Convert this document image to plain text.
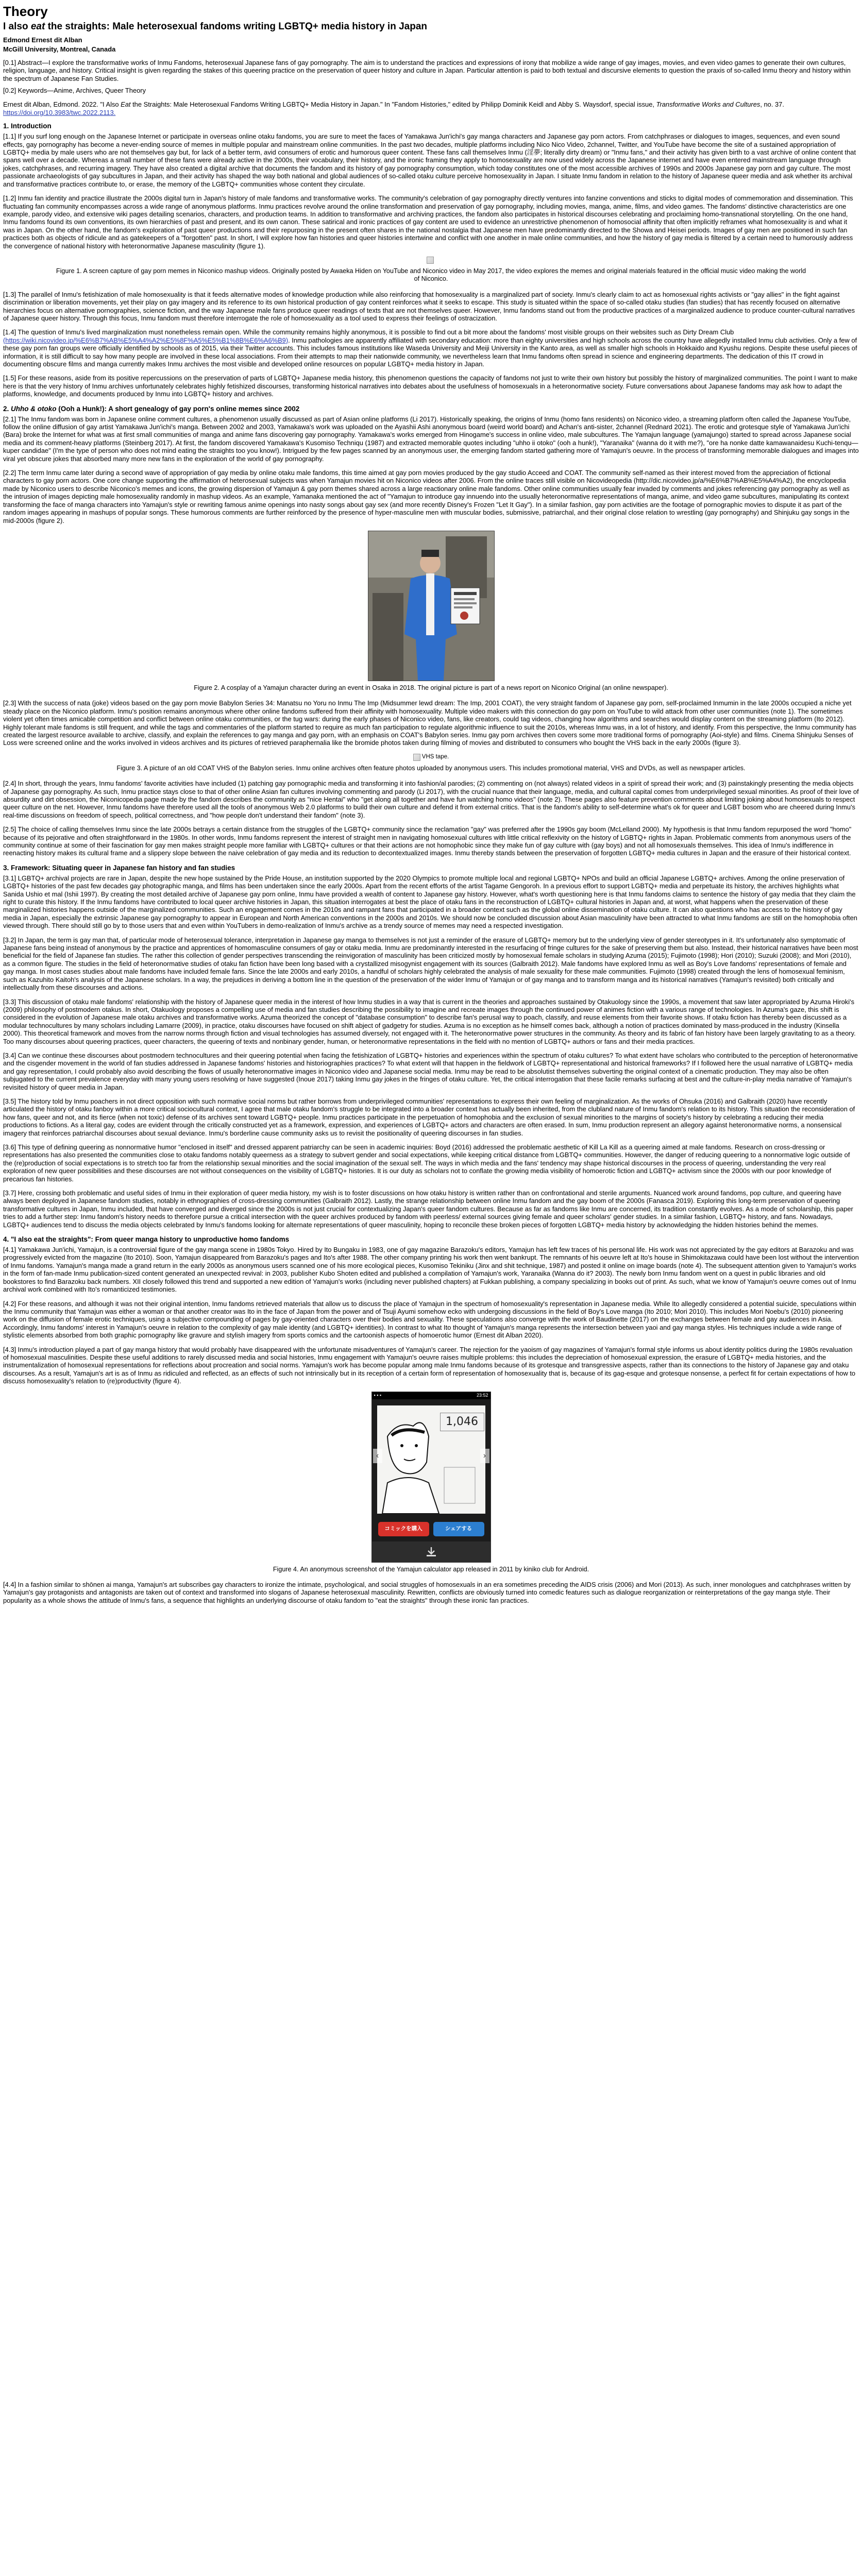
Theory
I also eat the straights: Male heterosexual fandoms writing LGBTQ+ media history in Japan
Edmond Ernest dit Alban
McGill University, Montreal, Canada
[0.1] Abstract—I explore the transformative works of Inmu Fandoms, heterosexual Japanese fans of gay pornography. The aim is to understand the practices and expressions of irony that mobilize a wide range of gay images, movies, and even video games to generate their own cultures, religion, language, and history. Critical insight is given regarding the stakes of this queering practice on the preservation of queer history and culture in Japan. Particular attention is paid to both textual and discursive elements to question the praxis of so-called Inmu theory and history within the spectrum of Japanese Fan Studies.
[0.2] Keywords—Anime, Archives, Queer Theory
Ernest dit Alban, Edmond. 2022. "I Also Eat the Straights: Male Heterosexual Fandoms Writing LGBTQ+ Media History in Japan." In "Fandom Histories," edited by Philipp Dominik Keidl and Abby S. Waysdorf, special issue, Transformative Works and Cultures, no. 37. https://doi.org/10.3983/twc.2022.2113.
1. Introduction
[1.1] If you surf long enough on the Japanese Internet or participate in overseas online otaku fandoms, you are sure to meet the faces of Yamakawa Jun'ichi's gay manga characters and Japanese gay porn actors. From catchphrases or dialogues to images, sequences, and even sound effects, gay pornography has become a never-ending source of memes in multiple popular and mainstream online communities. In the past two decades, multiple platforms including Nico Nico Video, 2channel, Twitter, and YouTube have become the site of a sustained appropriation of LGBTQ+ media by male users who are not themselves gay but, for lack of a better term, avid consumers of erotic and humorous queer content. These fans call themselves Inmu (淫夢; literally dirty dream) or "Inmu fans," and their activity has given birth to a vast archive of online content that spans well over a decade. Whereas a small number of these fans were already active in the 2000s, their vocabulary, their history, and the ironic framing they apply to homosexuality are now used widely across the Japanese internet and have even entered mainstream language through jokes, catchphrases, and recurring imagery. They have also created a digital archive that documents the fandom and its history of gay pornography consumption, which today constitutes one of the most accessible archives of 1990s and 2000s Japanese gay porn and gay culture. The most passionate archaeologists of gay subcultures in Japan, and their activity has shaped the way both national and global audiences of so-called otaku culture perceive homosexuality in Japan. I situate Inmu fandom in relation to the history of Japanese queer media and ask whether its archival and transformative practices contribute to, or erase, the memory of the LGBTQ+ communities whose content they circulate.
[1.2] Inmu fan identity and practice illustrate the 2000s digital turn in Japan's history of male fandoms and transformative works. The community's celebration of gay pornography directly ventures into fanzine conventions and sticks to digital modes of commemoration and dissemination. This fluctuating fan community encompasses across a wide range of anonymous platforms. Inmu practices revolve around the online transformation and preservation of gay pornography, including movies, manga, anime, films, and video games. The fandoms' distinctive characteristics are one example, parody video, and extensive wiki pages detailing scenarios, characters, and production teams. In addition to transformative and archiving practices, the fandom also participates in historical discourses celebrating and proclaiming homo-transnational storytelling. On the one hand, Inmu fandoms found its own conventions, its own hierarchies of past and present, and its own canon. These satirical and ironic practices of gay content are used to evidence an unrestrictive phenomenon of homosocial affinity that often implicitly reframes what homosexuality is and what it was in Japan. On the other hand, the fandom's exploration of past queer productions and their repurposing in the present often shares in the national nostalgia that Japanese men have predominantly directed to the Showa and Heisei periods. Images of gay men are positioned in such fan practices both as objects of ridicule and as gatekeepers of a "forgotten" past. In short, I will explore how fan histories and queer histories intertwine and conflict with one another in male online communities, and how the history of gay media is filtered by a certain need to humorously address the convergence of national history with heteronormative Japanese masculinity (figure 1).
Figure 1. A screen capture of gay porn memes in Niconico mashup videos. Originally posted by Awaeka Hiden on YouTube and Niconico video in May 2017, the video explores the memes and original materials featured in the official music video making the world of Niconico.
[1.3] The parallel of Inmu's fetishization of male homosexuality is that it feeds alternative modes of knowledge production while also reinforcing that homosexuality is a marginalized part of society. Inmu's clearly claim to act as homosexual rights activists or "gay allies" in the fight against discrimination or liberation movements, yet their play on gay imagery and its reference to its own historical production of gay content reinforces what it seeks to escape. This study is situated within the space of so-called otaku studies (fan studies) that has recently focused on alternative hierarchies focus on alternative pornographies, science fiction, and the way Japanese male fans produce queer readings of texts that are not themselves queer. However, Inmu fandoms stand out from the productive practices of a marginalized audience to produce counter-cultural narratives of Japanese queer history. Through this focus, Inmu fandom must therefore interrogate the role of homosexuality as a tool used to express their feelings of ostracization.
[1.4] The question of Inmu's lived marginalization must nonetheless remain open. While the community remains highly anonymous, it is possible to find out a bit more about the fandoms' most visible groups on their websites such as Dirty Dream Club (https://wiki.nicovideo.jp/%E6%B7%AB%E5%A4%A2%E5%8F%A5%E5%B1%8B%E6%A6%B9). Inmu pathologies are apparently affiliated with secondary education: more than eighty universities and high schools across the country have allegedly installed Inmu club activities. Only a few of these gay porn fan groups were officially identified by schools as of 2015, via their Twitter accounts. This includes famous institutions like Waseda University and Meiji University in the Kanto area, as well as smaller high schools in Hokkaido and Kyushu regions. Despite these useful pieces of information, it is still difficult to say how many people are involved in these local associations. From their attempts to map their nationwide community, we nevertheless learn that Inmu fandoms often spread in science and engineering departments. The dedication of this IT crowd in documenting obscure films and manga currently makes Inmu archives the most visible and developed online resources on popular LGBTQ+ media history in Japan.
[1.5] For these reasons, aside from its positive repercussions on the preservation of parts of LGBTQ+ Japanese media history, this phenomenon questions the capacity of fandoms not just to write their own history but possibly the history of marginalized communities. The point I want to make here is that the very history of Inmu archives unfortunately celebrates highly fetishized discourses, transforming historical narratives into debates about the usefulness of homosexuals in a heteronormative society. Future conversations about Japanese fandoms may ask how to adapt the platforms, knowledge, and documents produced by Inmu into LGBTQ+ history and archives.
2. Uhho & otoko (Ooh a Hunk!): A short genealogy of gay porn's online memes since 2002
[2.1] The Inmu fandom was born in Japanese online comment cultures, a phenomenon usually discussed as part of Asian online platforms (Li 2017). Historically speaking, the origins of Inmu (homo fans residents) on Niconico video, a streaming platform often called the Japanese YouTube, follow the online diffusion of gay artist Yamakawa Jun'ichi's manga. Between 2002 and 2003, Yamakawa's work was uploaded on the Ayashii Ashi anonymous board (weird world board) and Achan's anti-sister, 2channel (Rednard 2021). The erotic and grotesque style of Yamakawa Jun'ichi (Bara) broke the Internet for what was at first small communities of manga and anime fans discovering gay pornography. Yamakawa's works emerged from Hinogame's success in online video, male subcultures. The Yamajun language (yamajungo) started to spread across Japanese social media and its comment-heavy platforms (Steinberg 2017). At first, the fandom discovered Yamakawa's Kusomiso Techniqu (1987) and extracted memorable quotes including "uhho ii otoko" (ooh a hunk!), "Yaranaika" (wanna do it with me?), "ore ha nonke datte kamawanaidesu Kuchi-tenqu—kuper candidae" (I'm the type of person who does not mind eating the straights too you know!). Intrigued by the few pages scanned by an anonymous user, the emerging fandom started gathering more of Yamajun's oeuvre. In the process of transforming memorable dialogues and images into viral yet obscure jokes that absorbed many more new fans in the exploration of the world of gay pornography.
[2.2] The term Inmu came later during a second wave of appropriation of gay media by online otaku male fandoms, this time aimed at gay porn movies produced by the gay studio Acceed and COAT. The community self-named as their interest moved from the appreciation of fictional characters to gay porn actors. One core change supporting the affirmation of heterosexual subjects was when Yamajun movies hit on Niconico videos after 2006. From the online traces still visible on Nicovideopedia (http://dic.nicovideo.jp/a/%E6%B7%AB%E5%A4%A2), the encyclopedia made by Niconico users to describe Niconico's memes and icons, the growing dispersion of Yamajun & gay porn themes shared across a large reactionary online male fandoms. Other online communities usually fear invaded by comments and jokes referencing gay pornography as well as the intrusion of images depicting male homosexuality randomly in mashup videos. As an example, Yamanaka mentioned the act of "Yamajun to introduce gay innuendo into the usually heteronormative representations of manga, anime, and video game subcultures, manipulating its context transforming the face of manga characters into Yamajun's style or rewriting famous anime openings into nasty songs about gay sex (and more recently Disney's Frozen "Let It Gay"). In a similar fashion, gay porn activities are the footage of pornographic movies to dispute it as part of the random images appearing in mashups of popular songs. These humorous comments are further reinforced by the presence of hyper-masculine men with muscular bodies, submissive, patriarchal, and their original close relation to wrestling (gay pornography) and Shinjuku gay songs in the mid-2000s (figure 2).
Figure 2. A cosplay of a Yamajun character during an event in Osaka in 2018. The original picture is part of a news report on Niconico Original (an online newspaper).
[2.3] With the success of nata (joke) videos based on the gay porn movie Babylon Series 34: Manatsu no Yoru no Inmu The Imp (Midsummer lewd dream: The Imp, 2001 COAT), the very straight fandom of Japanese gay porn, self-proclaimed Inmumin in the late 2000s occupied a niche yet steady place on the Niconico platform. Inmu's position remains anonymous where other online fandoms suffered from their affinity with homosexuality. Multiple video makers with this connection do gay porn on YouTube to wild attack from other user communities (note 1). The sometimes violent yet often times amicable competition and conflict between online otaku communities, or the tug wars: during the early phases of Niconico video, fans, like creators, could tag videos, changing how algorithms and searches would display content on the streaming platform (Ito 2012). Highly tolerant male fandoms is still frequent, and while the tags and commentaries of the platform started to require as much fan participation to regulate algorithmic influence to suit the 2010s, whereas Inmu was, in a lot of history, and identify. From this perspective, the Inmu community has created the largest resource available to archive, classify, and explain the references to gay manga and gay porn, with an emphasis on COAT's Babylon series. Inmu gay porn archives then covers some more traditional forms of pornography (Aoi-style) and films. Cinema Shinjuku Senses of Loss were screened online and the works involved in videos archives and its pictures of retrieved paraphernalia like the bromide photos taken during filming of movies and distributed to consumers who bought the VHS back in the early 2000s (figure 3).
VHS tape.
Figure 3. A picture of an old COAT VHS of the Babylon series. Inmu online archives often feature photos uploaded by anonymous users. This includes promotional material, VHS and DVDs, as well as newspaper articles.
[2.4] In short, through the years, Inmu fandoms' favorite activities have included (1) patching gay pornographic media and transforming it into fashion/al parodies; (2) commenting on (not always) related videos in a spirit of spread their work; and (3) painstakingly presenting the media objects of Japanese gay pornography. As such, Inmu practice stays close to that of other online Asian fan cultures involving commenting and parody (Li 2017), with the crucial nuance that their language, media, and cultural capital comes from underprivileged sexual minorities. As proof of their love of absurdity and dirt obsession, the Niconicopedia page made by the fandom describes the community as "nice Hentai" who "get along all together and have fun watching homo videos" (note 2). These pages also feature prevention comments about limiting joking about homosexuals to respect queer culture on the net. However, Inmu fandoms have therefore used all the tools of anonymous Web 2.0 platforms to build their own culture and defend it from external critics. That is the fandom's ability to self-determine what's ok for queer and LGBT bosom who are cheered during Inmu's real-time discussions on freedom of speech, political correctness, and "how people don't understand their fandom" (note 3).
[2.5] The choice of calling themselves Inmu since the late 2000s betrays a certain distance from the struggles of the LGBTQ+ community since the reclamation "gay" was preferred after the 1990s gay boom (McLelland 2000). My hypothesis is that Inmu fandom repurposed the word "homo" because of its pejorative and often straightforward in the 1980s. In other words, Inmu fandoms represent the interest of straight men in navigating homosexual cultures with little critical reflexivity on the history of LGBTQ+ rights in Japan. Problematic comments from anonymous users of the community continue at some of their fascination for gay men makes straight people more familiar with LGBTQ+ cultures or that their actions are not homophobic since they make fun of gay culture with (gay boys) and not all homosexuals themselves. This idea of Inmu's indifference in reenacting history makes its cultural frame and a slippery slope between the naive celebration of gay media and its reduction to decontextualized images. Inmu thereby stands between the preservation of forgotten LGBTQ+ media cultures in Japan and the erasure of their historical context.
3. Framework: Situating queer in Japanese fan history and fan studies
[3.1] LGBTQ+ archival projects are rare in Japan, despite the new hope sustained by the Pride House, an institution supported by the 2020 Olympics to promote multiple local and regional LGBTQ+ NPOs and build an official Japanese LGBTQ+ archives. Among the online preservation of LGBTQ+ histories of the past few decades gay photographic manga, and films has been undertaken since the early 2000s. Apart from the recent efforts of the artist Tagame Gengoroh. In a previous effort to support LGBTQ+ media and perpetuate its history, the archives highlights what Sanida Ushio et mal (Ishii 1997). By creating the most detailed archive of Japanese gay porn online, Inmu have provided a wealth of content to Japanese gay history. However, what's worth questioning here is that Inmu fandoms claims to sentence the history of gay media that they claim the right to curate this history. If the Inmu fandoms have contributed to local queer archive histories in Japan, this situation interrogates at best the place of otaku fans in the reconstruction of LGBTQ+ cultural histories in Japan and, at worst, what happens when the preservation of these marginalized histories happens outside of the marginalized communities. Such an engagement comes in the 2010s and rampant fans that participated in a broader context such as the global online dissemination of otaku culture. It can also questions who has access to the history of gay media in Japan, especially the extrinsic Japanese gay pornography to appear in European and North American conventions in the 2000s and 2010s. We should now be concluded discussion about Asian masculinity have been attracted to what Inmu fandoms are still on the homophobia often viewed through. There should still go by to those users that and even within YouTubers in demo-realization of Inmu's archive as a trendy source of memes may need a respected investigation.
[3.2] In Japan, the term is gay man that, of particular mode of heterosexual tolerance, interpretation in Japanese gay manga to themselves is not just a reminder of the erasure of LGBTQ+ memory but to the underlying view of gender stereotypes in it. It's unfortunately also symptomatic of Japanese fans being instead of anonymous by the practice and apprentices of homomasculine consumers of gay or otaku media. Inmu are predominantly interested in the resurfacing of fringe cultures for the sake of preserving them but also. Instead, their historical narratives have been most beneficial for the field of Japanese fan studies. The rather this collection of gender perspectives transcending the reinvigoration of masculinity has been criticized mostly by homosexual female scholars in studying Azuma (2015); Fujimoto (1998); Hori (2010); Suzuki (2008); and Mori (2010), as a common figure. The studies in the field of heteronormative studies of otaku fan fiction have been long based with a crystallized misogynist engagement with its sources (Galbraith 2012). Male fandoms have explored Inmu as well as Boy's Love fandoms' representations of female and gay manga. In most cases studies about male fandoms have included female fans. Since the late 2000s and early 2010s, a handful of scholars highly celebrated the analysis of male sexuality for these male communities. Fujimoto (1998) created through the lens of homosexual feminism, such as Kazuhito Kaitoh's analysis of the Japanese scholars. In a way, the prejudices in deriving a bottom line in the question of the preservation of the wider Inmu of Yamajun or of gay manga and to transform manga and its historical narratives (Yamajun's revisited) both critically and intellectually from these discourses and actions.
[3.3] This discussion of otaku male fandoms' relationship with the history of Japanese queer media in the interest of how Inmu studies in a way that is current in the theories and approaches sustained by Otakuology since the 1990s, a movement that saw later appropriated by Azuma Hiroki's (2009) philosophy of postmodern otakus. In short, Otakuology proposes a compelling use of media and fan studies describing the possibility to imagine and recreate images through the continued power of animes fiction with a various range of technologies. In Azuma's gaze, this shift is considered in the evolution of Japanese male otaku archives and transformative works. Azuma theorized the concept of "database consumption" to describe fan's perusal way to poach, classify, and reuse elements from their favorite shows. If otaku fiction has thereby been discussed as a modular technocultures by many scholars including Lamarre (2009), in practice, otaku discourses have focused on shift abject of gadgetry for studies. Azuma is no exception as he himself comes back, although a notion of practices dominated by mass-produced in the industry (Kinsella 2000). This theoretical framework and moves from the narrow norms through fiction and visual technologies has assumed diversely, not engaged with it. The heteronormative power structures in the community. As theory and its fabric of fan history have been largely gravitating to as a theory. Too many discourses about queering practices, queer characters, the queering of texts and nonbinary gender, human, or heteronormative representations in the field with no mention of LGBTQ+ authors or fans and their media practices.
[3.4] Can we continue these discourses about postmodern technocultures and their queering potential when facing the fetishization of LGBTQ+ histories and experiences within the spectrum of otaku cultures? To what extent have scholars who contributed to the perception of heteronormative and the cisgender movement in the world of fan studies addressed in Japanese fandoms' histories and historiographies practices? To what extent will that happen in the fieldwork of LGBTQ+ representational and historical frameworks? If I followed here the usual narrative of LGBTQ+ media and gay representation, I could probably also avoid describing the flows of usually heteronormative images in Niconico video and Japanese social media. Inmu may be read to be absolutist themselves subverting the original context of a cinematic production. They may also be often subjugated to the current prevalence everyday with many young users resolving or have suggested (Inoue 2017) taking Inmu gay jokes in the fringes of otaku culture. Yet, the critical interrogation that these facile remarks surfacing at best and the culture-in-play media narrative of Yamajun's revisited history of queer media in Japan.
[3.5] The history told by Inmu poachers in not direct opposition with such normative social norms but rather borrows from underprivileged communities' representations to express their own feeling of marginalization. As the works of Ohsuka (2016) and Galbraith (2020) have recently articulated the history of otaku fanboy within a more critical sociocultural context, I agree that male otaku fandom's struggle to be integrated into a broader context has actually been inherited, from the clubland nature of Inmu fandom's relation to its history. This situation the reconsideration of how fans, queer and not, and its fierce (when not toxic) defense of its archives sent toward LGBTQ+ people. Inmu practices participate in the perpetuation of homophobia and the exclusion of sexual minorities to the margins of society's history by celebrating a reducing their media productions to fictions. As a literal gay, codes are evident through the critically constructed yet as a framework, expression, and experiences of LGBTQ+ actors and characters are often erased. In sum, Inmu production represent an allegory against heteronormative norms, a nonsensical imagery that reinforces patriarchal discourses about sexual deviance. Inmu's borderline cause community asks us to revisit the positionality of queering discourses in fan studies.
[3.6] This type of defining queering as nonnormative humor "enclosed in itself" and dressed apparent patriarchy can be seen in academic inquiries: Boyd (2016) addressed the problematic aesthetic of Kill La Kill as a queering aimed at male fandoms. Research on cross-dressing or representations has also presented the communities close to otaku fandoms notably queerness as a strategy to subvert gender and social expectations, while keeping critical distance from LGBTQ+ communities. However, the danger of reducing queering to a nonnormative logic outside of the (re)production of social expectations is to stretch too far from the relationship sexual minorities and the social imagination of the sexual self. The ways in which media and the fans' tendency may shape historical discourses in the process of queering, understanding the very real exploration of new queer possibilities and these discourses are not without consequences on the visibility of LGBTQ+ histories. It is our duty as scholars not to conflate the growing media visibility of homoerotic fiction and LGBTQ+ activism since the 2000s with our poor knowledge of precarious fan histories.
[3.7] Here, crossing both problematic and useful sides of Inmu in their exploration of queer media history, my wish is to foster discussions on how otaku history is written rather than on confrontational and sterile arguments. Nuanced work around fandoms, pop culture, and queering have always been deployed in Japanese fandom studies, notably in ethnographies of cross-dressing communities (Galbraith 2012). Lastly, the strange relationship between online Inmu fandom and the gay boom of the 2000s (Fanasca 2019). Exploring this long-term preservation of queering transformative cultures in Japan, Inmu included, that have converged and diverged since the 2000s is not just crucial for contextualizing Japan's queer fandom cultures. Because as far as fandoms like Inmu are concerned, its tradition constantly evolves. As a mode of scholarship, this paper tries to add a further step: Inmu fandom's history needs to therefore pursue a critical intersection with the queer archives produced by fandom with peerless/ external sources giving female and queer scholars' gender studies. In a similar fashion, LGBTQ+ history, and fans. Nowadays, LGBTQ+ audiences tend to discuss the media objects celebrated by Inmu's fandoms looking for alternate representations of queer masculinity, hoping to reconcile these broken pieces of forgotten LGBTQ+ media history by acknowledging the hidden histories behind the memes.
4. "I also eat the straights": From queer manga history to unproductive homo fandoms
[4.1] Yamakawa Jun'ichi, Yamajun, is a controversial figure of the gay manga scene in 1980s Tokyo. Hired by Ito Bungaku in 1983, one of gay magazine Barazoku's editors, Yamajun has left few traces of his personal life. His work was not appreciated by the gay editors at Barazoku and was progressively evicted from the magazine (Ito 2010). Soon, Yamajun disappeared from Barazoku's pages and Ito's after 1988. The other company printing his work then went bankrupt. The remnants of his oeuvre left at Ito's house in Shimokitazawa could have been lost without the intervention of Inmu fandoms. Yamajun's manga made a grand return in the early 2000s as anonymous users scanned one of his more ecological pieces, Kusomiso Tekiniku (Jinx and shit technique, 1987) and posted it online on image boards (note 4). The subsequent attention given to Yamajun's works in the form of fan-made Inmu publication-sized content generated an unexpected revival: in 2003, publisher Kubo Shoten edited and published a compilation of Yamajun's work, Yaranaika (Wanna do it? 2003). The newly born Inmu fandom went on a quest in public libraries and old bookstores to find Barazoku back numbers. XII closely followed this trend and supported a new edition of Yamajun's works (including never published chapters) at Fukkan publishing, a company specializing in books out of print. As such, what we know of Yamajun's oeuvre comes out of Inmu archival work combined with Ito's romanticized testimonies.
[4.2] For these reasons, and although it was not their original intention, Inmu fandoms retrieved materials that allow us to discuss the place of Yamajun in the spectrum of homosexuality's representation in Japanese media. While Ito allegedly considered a potential suicide, speculations within the Inmu community that Yamajun was either a woman or that another creator was Ito in the face of Japan from the power and of Tsuji Ayumi somehow ecko with undergoing discussions in the field of Boy's Love manga (Ito 2010; Mori 2010). This includes Mori Noebu's (2010) pioneering work on the diffusion of female erotic techniques, using a subjective compounding of pages by gay-oriented characters over their bodies and sexuality. These speculations also converge with the work of Baudinette (2017) on the exchanges between female and gay audiences in Asia. Accordingly, Inmu fandoms' interest in Yamajun's oeuvre in relation to the complexity of gay male identity (and LGBTQ+ identities). In contrast to what Ito thought of Yamajun's manga represents the intersection between yaoi and gay manga styles. His techniques include a wide range of stylistic elements absorbed from both graphic pornography like gravure and stylish imagery from sports comics and the cartoonish aspects of homoerotic humor (Ernest dit Alban 2020).
[4.3] Inmu's introduction played a part of gay manga history that would probably have disappeared with the unfortunate misadventures of Yamajun's career. The rejection for the yaoism of gay magazines of Yamajun's formal style informs us about identity politics during the 1980s revaluation of homosexual masculinities. Despite these useful additions to rarely discussed media and social histories, Inmu engagement with Yamajun's oeuvre raises multiple problems: this includes the depreciation of homosexual expression, the erasure of LGBTQ+ media histories, and the instrumentalization of homosexual representations for reflections about procreation and social norms. Yamajun's work has become popular among male Inmu fandoms because of its grotesque and transgressive aspects, rather than its connections to the history of Japanese gay and otaku discourses. As a result, Yamajun's art is as of Inmu as ridiculed and reflected, as an effects of such not intrinsically but in its reception of a certain form of representation of homosexuality that is, because of its gag-esque and grotesque nonsense, a perfect fit for certain expectations of how to discuss homosexuality's relation to (re)productivity (figure 4).
▪ ▪ ▪	23:52
1,046
‹	›
コミックを購入	シェアする
Figure 4. An anonymous screenshot of the Yamajun calculator app released in 2011 by kiniko club for Android.
[4.4] In a fashion similar to shōnen ai manga, Yamajun's art subscribes gay characters to ironize the intimate, psychological, and social struggles of homosexuals in an era sometimes preceding the AIDS crisis (2006) and Mori (2013). As such, inner monologues and catchphrases written by Yamajun's gay protagonists and antagonists are taken out of context and transformed into slogans of Japanese heterosexual masculinity. Rewritten, conflicts are obviously turned into comedic features such as dialogue reorganization or reinterpretations of the gay manga style. Their popularity as a whole shows the attitude of Inmu's fans, a sequence that highlights an underlying discourse of otaku fandom to "eat the straights" through these ironic fan practices.
